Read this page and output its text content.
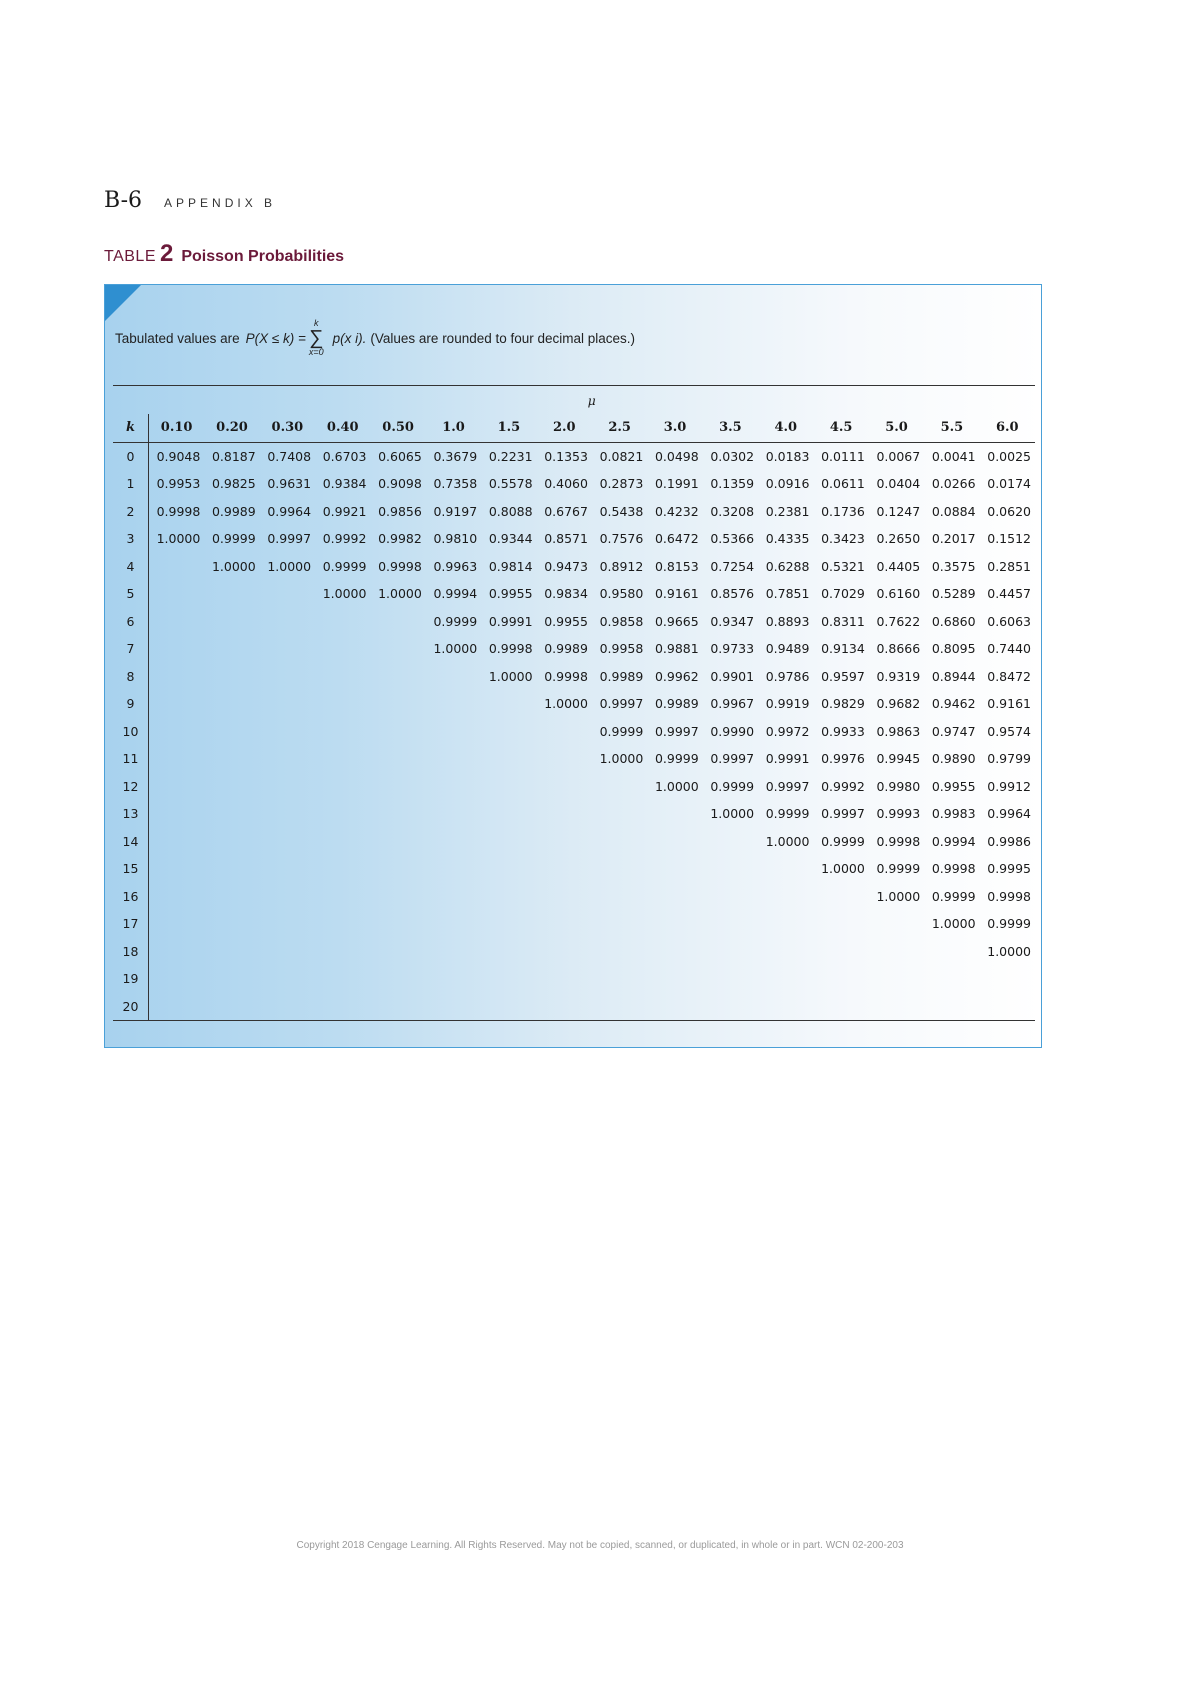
B-6 APPENDIX B
TABLE 2 Poisson Probabilities
Tabulated values are P(X ≤ k) =
k
∑
x=0
p(x i). (Values are rounded to four decimal places.)
	μ															
k	0.10	0.20	0.30	0.40	0.50	1.0	1.5	2.0	2.5	3.0	3.5	4.0	4.5	5.0	5.5	6.0
0	0.9048	0.8187	0.7408	0.6703	0.6065	0.3679	0.2231	0.1353	0.0821	0.0498	0.0302	0.0183	0.0111	0.0067	0.0041	0.0025
1	0.9953	0.9825	0.9631	0.9384	0.9098	0.7358	0.5578	0.4060	0.2873	0.1991	0.1359	0.0916	0.0611	0.0404	0.0266	0.0174
2	0.9998	0.9989	0.9964	0.9921	0.9856	0.9197	0.8088	0.6767	0.5438	0.4232	0.3208	0.2381	0.1736	0.1247	0.0884	0.0620
3	1.0000	0.9999	0.9997	0.9992	0.9982	0.9810	0.9344	0.8571	0.7576	0.6472	0.5366	0.4335	0.3423	0.2650	0.2017	0.1512
4		1.0000	1.0000	0.9999	0.9998	0.9963	0.9814	0.9473	0.8912	0.8153	0.7254	0.6288	0.5321	0.4405	0.3575	0.2851
5				1.0000	1.0000	0.9994	0.9955	0.9834	0.9580	0.9161	0.8576	0.7851	0.7029	0.6160	0.5289	0.4457
6						0.9999	0.9991	0.9955	0.9858	0.9665	0.9347	0.8893	0.8311	0.7622	0.6860	0.6063
7						1.0000	0.9998	0.9989	0.9958	0.9881	0.9733	0.9489	0.9134	0.8666	0.8095	0.7440
8							1.0000	0.9998	0.9989	0.9962	0.9901	0.9786	0.9597	0.9319	0.8944	0.8472
9								1.0000	0.9997	0.9989	0.9967	0.9919	0.9829	0.9682	0.9462	0.9161
10									0.9999	0.9997	0.9990	0.9972	0.9933	0.9863	0.9747	0.9574
11									1.0000	0.9999	0.9997	0.9991	0.9976	0.9945	0.9890	0.9799
12										1.0000	0.9999	0.9997	0.9992	0.9980	0.9955	0.9912
13											1.0000	0.9999	0.9997	0.9993	0.9983	0.9964
14												1.0000	0.9999	0.9998	0.9994	0.9986
15													1.0000	0.9999	0.9998	0.9995
16														1.0000	0.9999	0.9998
17															1.0000	0.9999
18																1.0000
19																
20																
Copyright 2018 Cengage Learning. All Rights Reserved. May not be copied, scanned, or duplicated, in whole or in part. WCN 02-200-203
